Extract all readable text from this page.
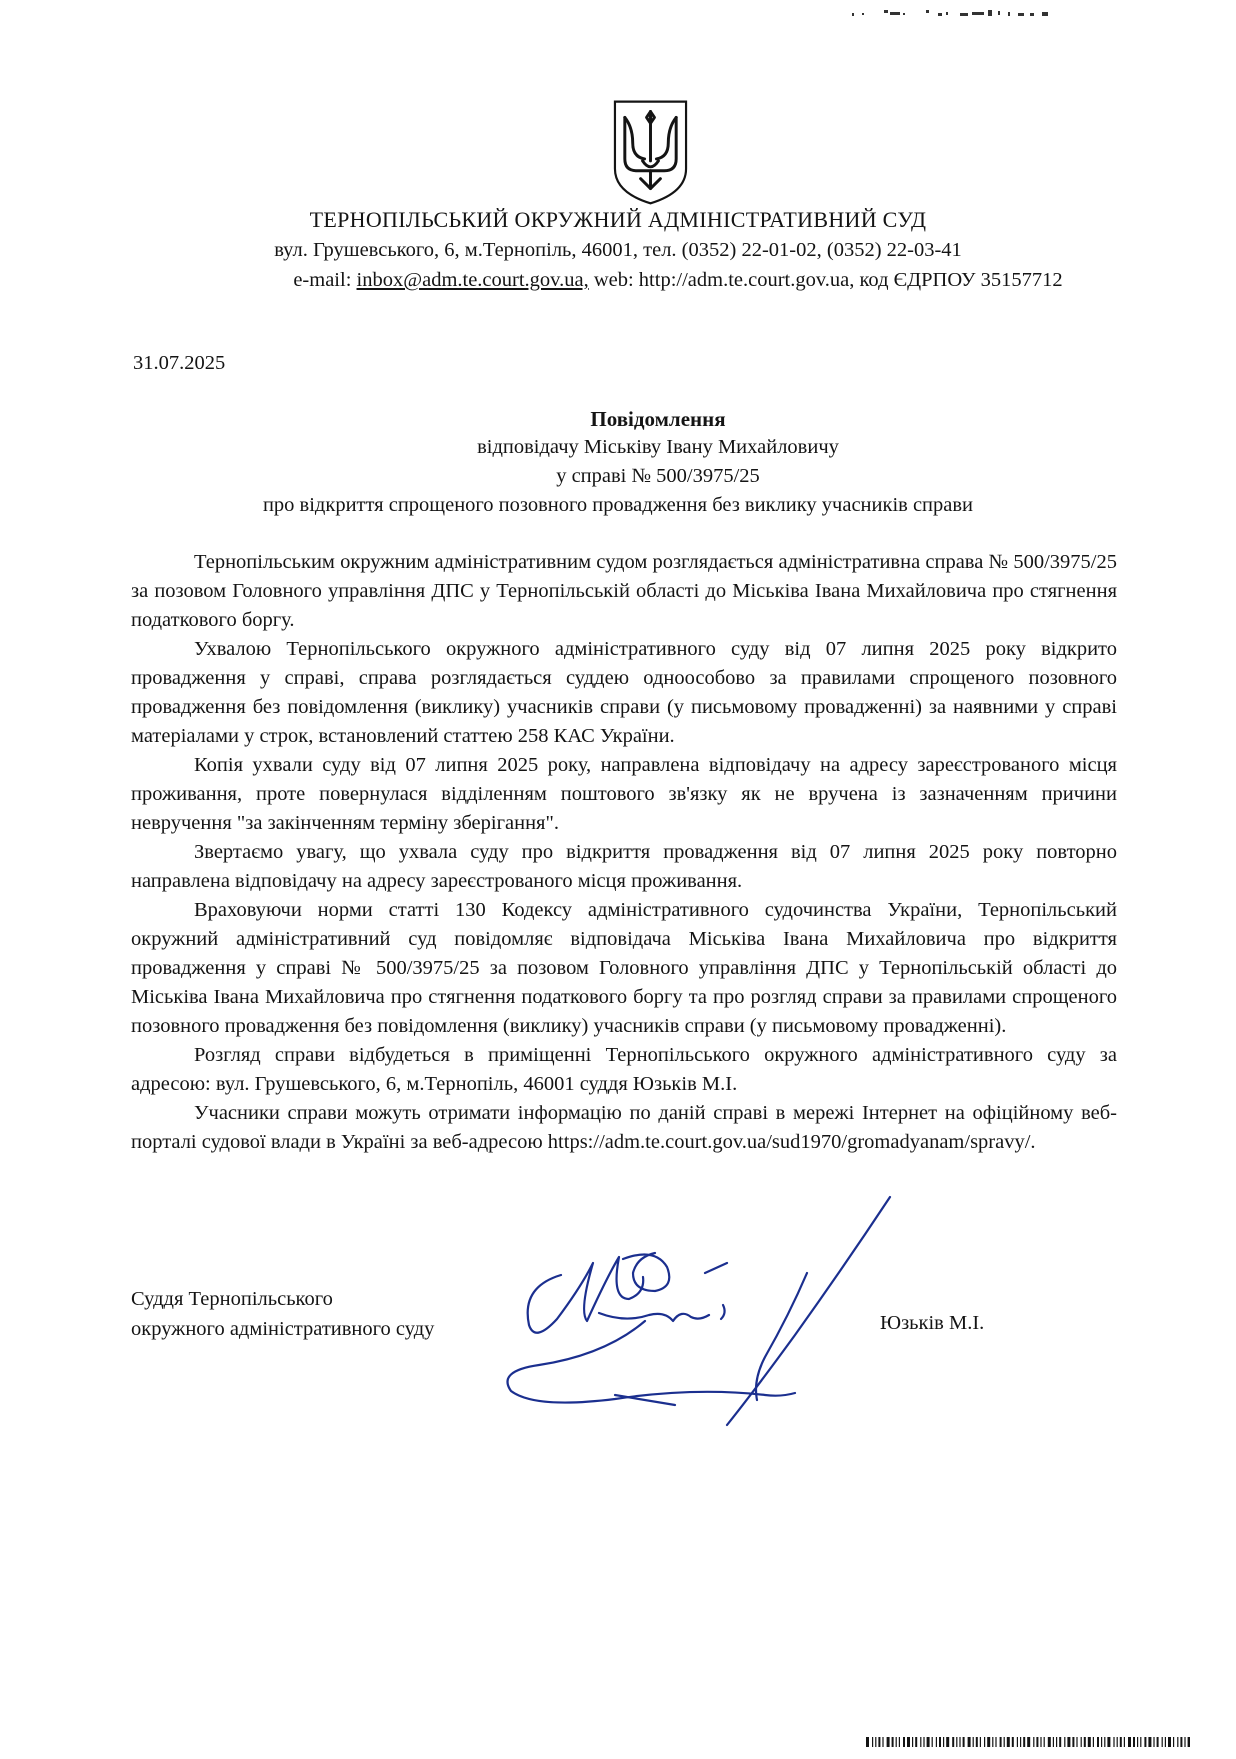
ТЕРНОПІЛЬСЬКИЙ ОКРУЖНИЙ АДМІНІСТРАТИВНИЙ СУД
вул. Грушевського, 6, м.Тернопіль, 46001, тел. (0352) 22-01-02, (0352) 22-03-41
e-mail: inbox@adm.te.court.gov.ua, web: http://adm.te.court.gov.ua, код ЄДРПОУ 35157712
31.07.2025
Повідомлення
відповідачу Міськіву Івану Михайловичу
у справі № 500/3975/25
про відкриття спрощеного позовного провадження без виклику учасників справи

Тернопільським окружним адміністративним судом розглядається адміністративна справа № 500/3975/25 за позовом Головного управління ДПС у Тернопільській області до Міськіва Івана Михайловича про стягнення податкового боргу.

Ухвалою Тернопільського окружного адміністративного суду від 07 липня 2025 року відкрито провадження у справі, справа розглядається суддею одноособово за правилами спрощеного позовного провадження без повідомлення (виклику) учасників справи (у письмовому провадженні) за наявними у справі матеріалами у строк, встановлений статтею 258 КАС України.

Копія ухвали суду від 07 липня 2025 року, направлена відповідачу на адресу зареєстрованого місця проживання, проте повернулася відділенням поштового зв'язку як не вручена із зазначенням причини невручення "за закінченням терміну зберігання".

Звертаємо увагу, що ухвала суду про відкриття провадження від 07 липня 2025 року повторно направлена відповідачу на адресу зареєстрованого місця проживання.

Враховуючи норми статті 130 Кодексу адміністративного судочинства України, Тернопільський окружний адміністративний суд повідомляє відповідача Міськіва Івана Михайловича про відкриття провадження у справі № 500/3975/25 за позовом Головного управління ДПС у Тернопільській області до Міськіва Івана Михайловича про стягнення податкового боргу та про розгляд справи за правилами спрощеного позовного провадження без повідомлення (виклику) учасників справи (у письмовому провадженні).

Розгляд справи відбудеться в приміщенні Тернопільського окружного адміністративного суду за адресою: вул. Грушевського, 6, м.Тернопіль, 46001 суддя Юзьків М.І.

Учасники справи можуть отримати інформацію по даній справі в мережі Інтернет на офіційному веб-порталі судової влади в Україні за веб-адресою https://adm.te.court.gov.ua/sud1970/gromadyanam/spravy/.

Суддя Тернопільського
окружного адміністративного суду	Юзьків М.І.
